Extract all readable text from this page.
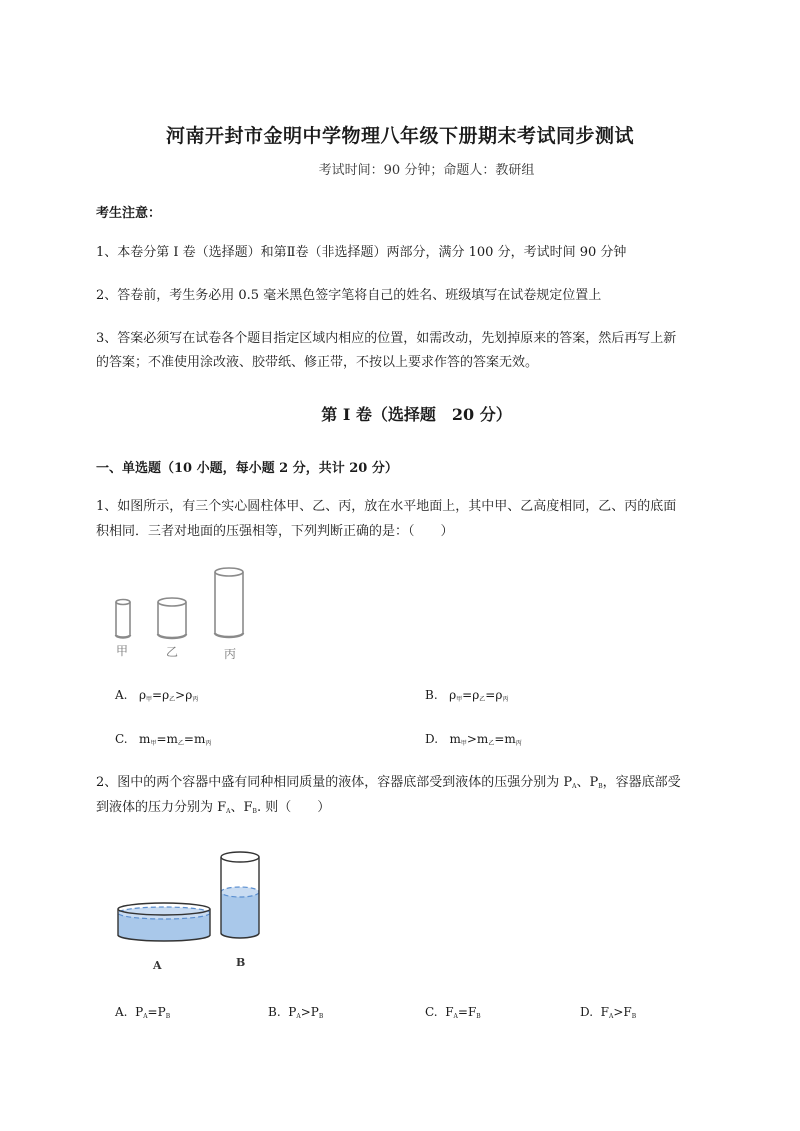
河南开封市金明中学物理八年级下册期末考试同步测试
考试时间：90 分钟；命题人：教研组
考生注意：
1、本卷分第 I 卷（选择题）和第Ⅱ卷（非选择题）两部分，满分 100 分，考试时间 90 分钟
2、答卷前，考生务必用 0.5 毫米黑色签字笔将自己的姓名、班级填写在试卷规定位置上
3、答案必须写在试卷各个题目指定区域内相应的位置，如需改动，先划掉原来的答案，然后再写上新
的答案；不准使用涂改液、胶带纸、修正带，不按以上要求作答的答案无效。
第 I 卷（选择题　20 分）
一、单选题（10 小题，每小题 2 分，共计 20 分）
1、如图所示，有三个实心圆柱体甲、乙、丙，放在水平地面上，其中甲、乙高度相同，乙、丙的底面
积相同．三者对地面的压强相等，下列判断正确的是：（　　）
甲	乙	丙
A. $\rho_甲=\rho_乙>\rho_丙$	B. $\rho_甲=\rho_乙=\rho_丙$
C. $m_甲=m_乙=m_丙$	D. $m_甲>m_乙=m_丙$
2、图中的两个容器中盛有同种相同质量的液体，容器底部受到液体的压强分别为 $P_A$、$P_B$，容器底部受
到液体的压力分别为 $F_A$、$F_B$. 则（　　）
A	B
A. $P_A=P_B$	B. $P_A>P_B$	C. $F_A=F_B$	D. $F_A>F_B$
